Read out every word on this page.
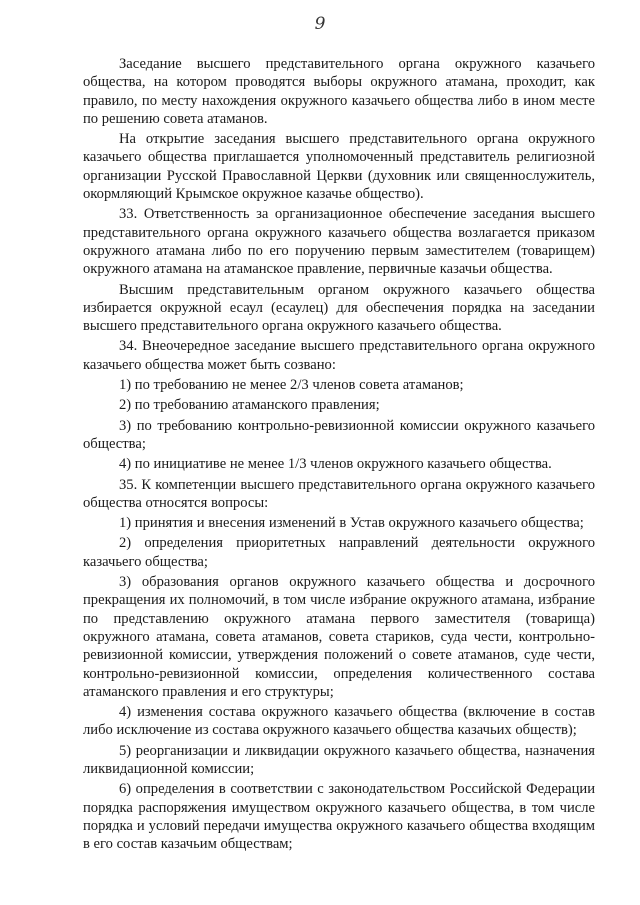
9

Заседание высшего представительного органа окружного казачьего общества, на котором проводятся выборы окружного атамана, проходит, как правило, по месту нахождения окружного казачьего общества либо в ином месте по решению совета атаманов.

На открытие заседания высшего представительного органа окружного казачьего общества приглашается уполномоченный представитель религиозной организации Русской Православной Церкви (духовник или священнослужитель, окормляющий Крымское окружное казачье общество).

33. Ответственность за организационное обеспечение заседания высшего представительного органа окружного казачьего общества возлагается приказом окружного атамана либо по его поручению первым заместителем (товарищем) окружного атамана на атаманское правление, первичные казачьи общества.

Высшим представительным органом окружного казачьего общества избирается окружной есаул (есаулец) для обеспечения порядка на заседании высшего представительного органа окружного казачьего общества.

34. Внеочередное заседание высшего представительного органа окружного казачьего общества может быть созвано:

1) по требованию не менее 2/3 членов совета атаманов;

2) по требованию атаманского правления;

3) по требованию контрольно-ревизионной комиссии окружного казачьего общества;

4) по инициативе не менее 1/3 членов окружного казачьего общества.

35. К компетенции высшего представительного органа окружного казачьего общества относятся вопросы:

1) принятия и внесения изменений в Устав окружного казачьего общества;

2) определения приоритетных направлений деятельности окружного казачьего общества;

3) образования органов окружного казачьего общества и досрочного прекращения их полномочий, в том числе избрание окружного атамана, избрание по представлению окружного атамана первого заместителя (товарища) окружного атамана, совета атаманов, совета стариков, суда чести, контрольно-ревизионной комиссии, утверждения положений о совете атаманов, суде чести, контрольно-ревизионной комиссии, определения количественного состава атаманского правления и его структуры;

4) изменения состава окружного казачьего общества (включение в состав либо исключение из состава окружного казачьего общества казачьих обществ);

5) реорганизации и ликвидации окружного казачьего общества, назначения ликвидационной комиссии;

6) определения в соответствии с законодательством Российской Федерации порядка распоряжения имуществом окружного казачьего общества, в том числе порядка и условий передачи имущества окружного казачьего общества входящим в его состав казачьим обществам;
